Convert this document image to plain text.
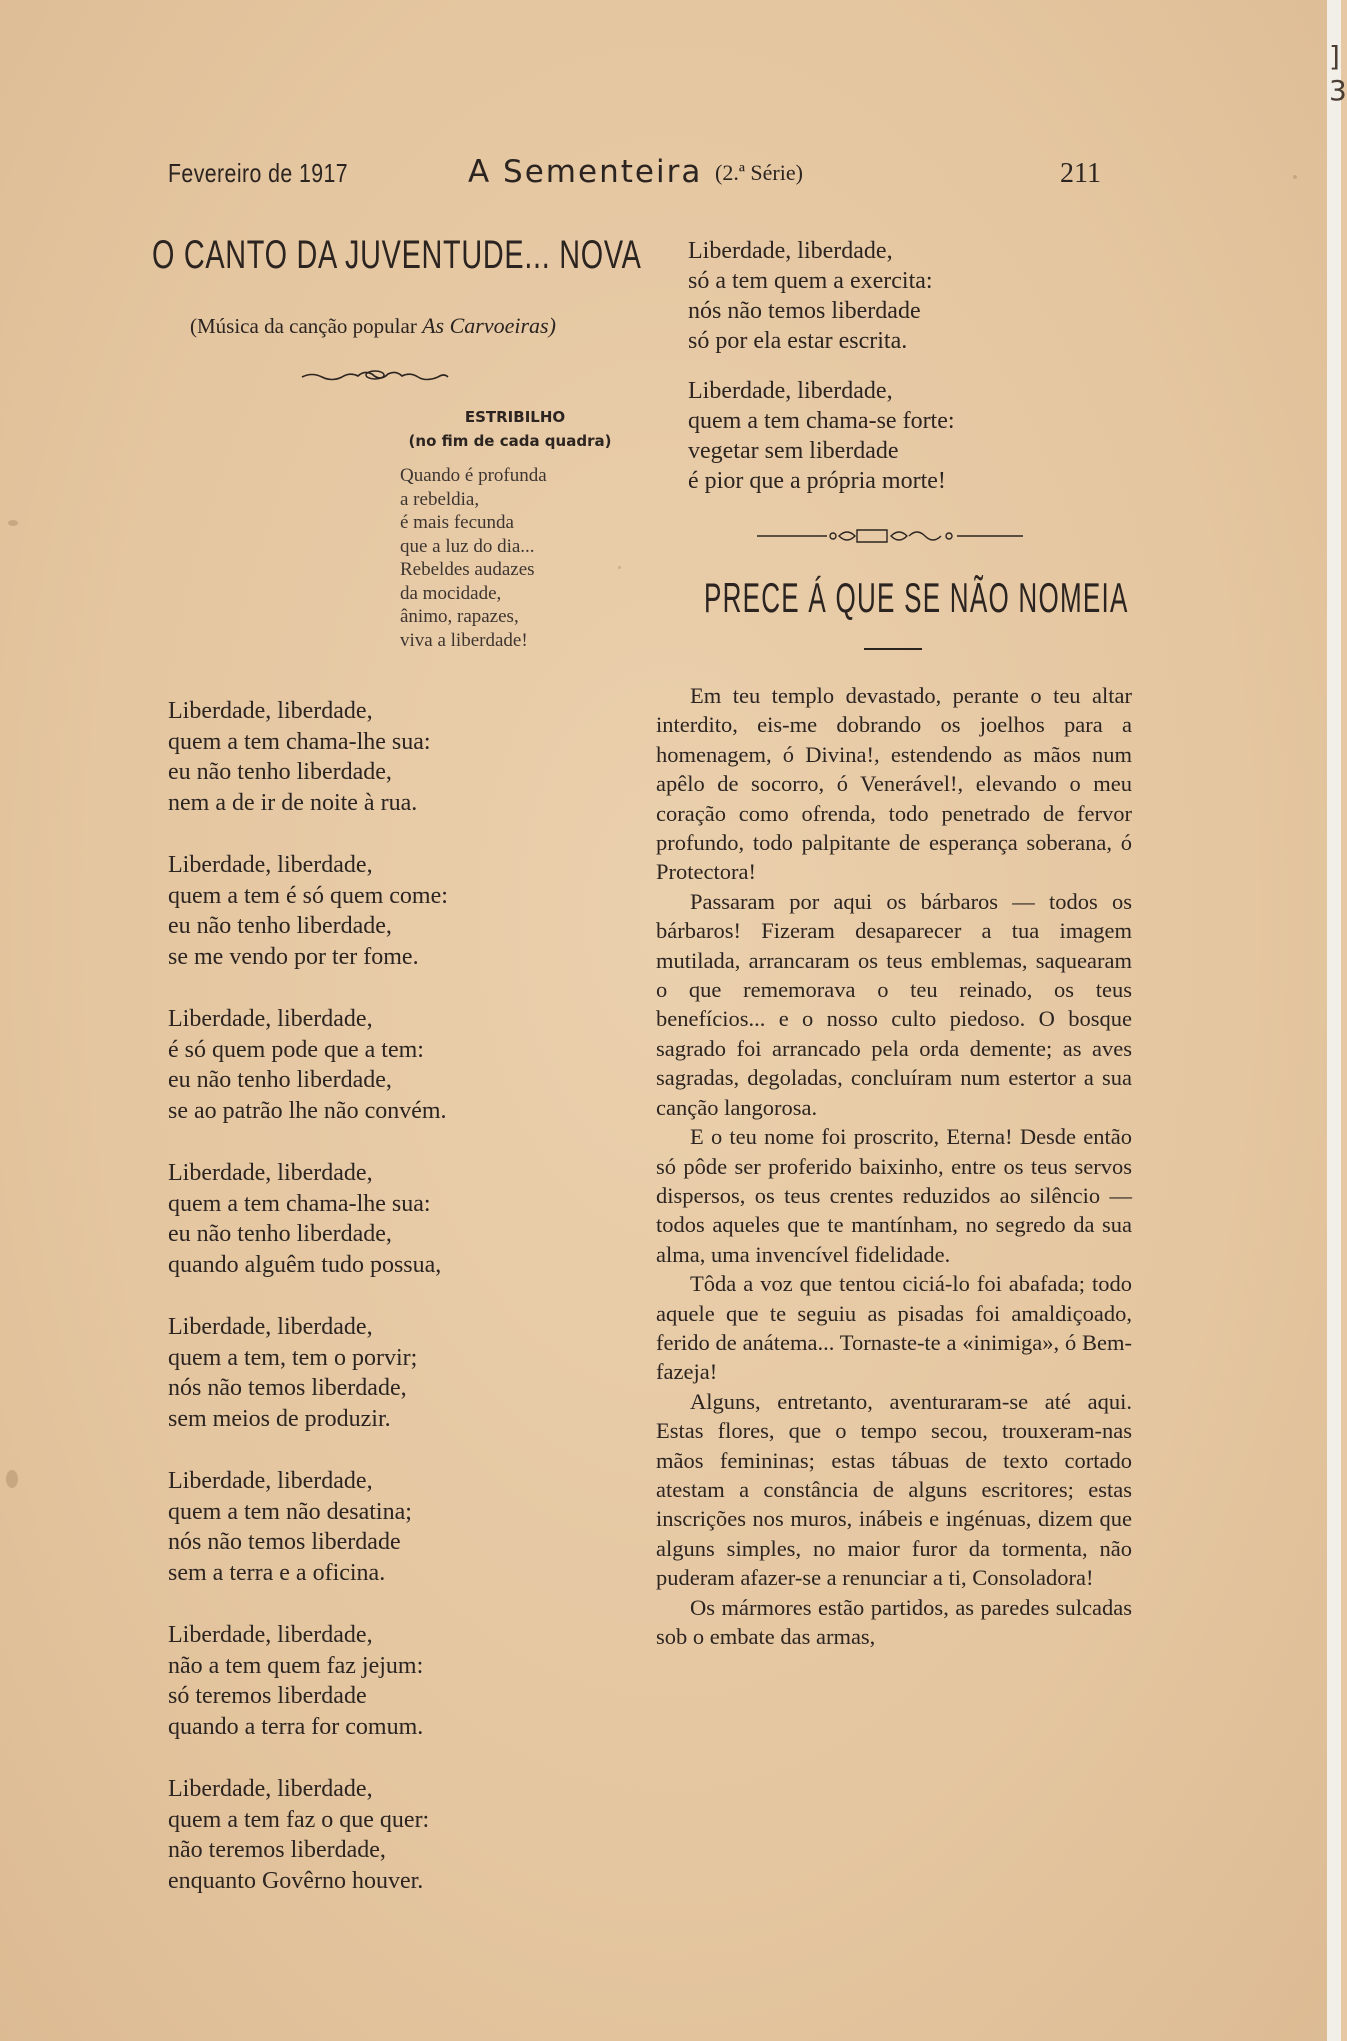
]
3
Fevereiro de 1917	A Sementeira (2.ª Série)	211
O CANTO DA JUVENTUDE... NOVA
(Música da canção popular As Carvoeiras)
ESTRIBILHO
(no fim de cada quadra)
Quando é profunda
a rebeldia,
é mais fecunda
que a luz do dia...
Rebeldes audazes
da mocidade,
ânimo, rapazes,
viva a liberdade!
Liberdade, liberdade,
quem a tem chama-lhe sua:
eu não tenho liberdade,
nem a de ir de noite à rua.
Liberdade, liberdade,
quem a tem é só quem come:
eu não tenho liberdade,
se me vendo por ter fome.
Liberdade, liberdade,
é só quem pode que a tem:
eu não tenho liberdade,
se ao patrão lhe não convém.
Liberdade, liberdade,
quem a tem chama-lhe sua:
eu não tenho liberdade,
quando alguêm tudo possua,
Liberdade, liberdade,
quem a tem, tem o porvir;
nós não temos liberdade,
sem meios de produzir.
Liberdade, liberdade,
quem a tem não desatina;
nós não temos liberdade
sem a terra e a oficina.
Liberdade, liberdade,
não a tem quem faz jejum:
só teremos liberdade
quando a terra for comum.
Liberdade, liberdade,
quem a tem faz o que quer:
não teremos liberdade,
enquanto Govêrno houver.
Liberdade, liberdade,
só a tem quem a exercita:
nós não temos liberdade
só por ela estar escrita.
Liberdade, liberdade,
quem a tem chama-se forte:
vegetar sem liberdade
é pior que a própria morte!
PRECE Á QUE SE NÃO NOMEIA

Em teu templo devastado, perante o teu altar interdito, eis-me dobrando os joelhos para a homenagem, ó Divina!, estendendo as mãos num apêlo de socorro, ó Venerável!, elevando o meu coração como ofrenda, todo penetrado de fervor profundo, todo palpitante de esperança soberana, ó Protectora!

Passaram por aqui os bárbaros — todos os bárbaros! Fizeram desaparecer a tua imagem mutilada, arrancaram os teus emblemas, saquearam o que rememorava o teu reinado, os teus benefícios... e o nosso culto piedoso. O bosque sagrado foi arrancado pela orda demente; as aves sagradas, degoladas, concluíram num estertor a sua canção langorosa.

E o teu nome foi proscrito, Eterna! Desde então só pôde ser proferido baixinho, entre os teus servos dispersos, os teus crentes reduzidos ao silêncio — todos aqueles que te mantínham, no segredo da sua alma, uma invencível fidelidade.

Tôda a voz que tentou ciciá-lo foi abafada; todo aquele que te seguiu as pisadas foi amaldiçoado, ferido de anátema... Tornaste-te a «inimiga», ó Bem-fazeja!

Alguns, entretanto, aventuraram-se até aqui. Estas flores, que o tempo secou, trouxeram-nas mãos femininas; estas tábuas de texto cortado atestam a constância de alguns escritores; estas inscrições nos muros, inábeis e ingénuas, dizem que alguns simples, no maior furor da tormenta, não puderam afazer-se a renunciar a ti, Consoladora!

Os mármores estão partidos, as paredes sulcadas sob o embate das armas,
